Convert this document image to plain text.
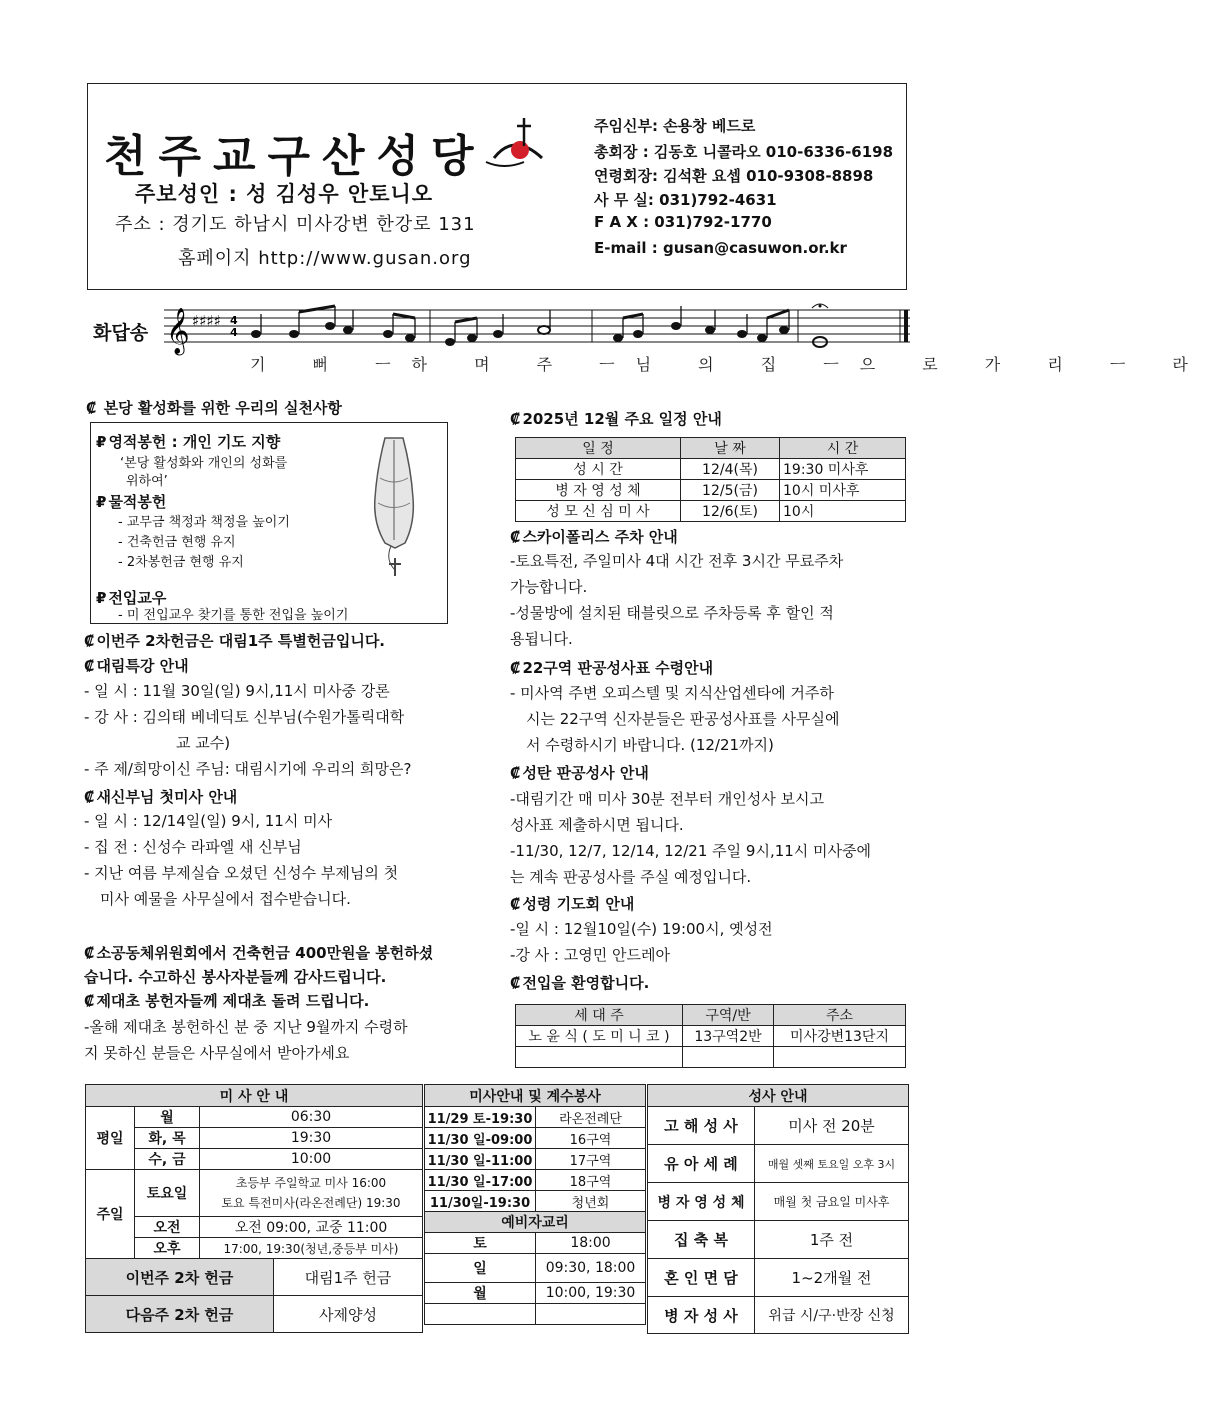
천주교구산성당
주보성인 : 성 김성우 안토니오
주소 : 경기도 하남시 미사강변 한강로 131
홈페이지 http://www.gusan.org
주임신부: 손용창 베드로
총회장 : 김동호 니콜라오 010-6336-6198
연령회장: 김석환 요셉 010-9308-8898
사 무 실: 031)792-4631
F A X : 031)792-1770
E-mail : gusan@casuwon.or.kr
화답송 𝄞 ♯♯♯♯ 4
4
기 뻐 ㅡ하 며 주 ㅡ님 의 집 ㅡ으 로 가 리 ㅡ 라
₡ 본당 활성화를 위한 우리의 실천사항
₽ 영적봉헌 : 개인 기도 지향
‘본당 활성화와 개인의 성화를
위하여’
₽ 물적봉헌
- 교무금 책정과 책정을 높이기
- 건축헌금 현행 유지
- 2차봉헌금 현행 유지
₽ 전입교우
- 미 전입교우 찾기를 통한 전입을 높이기
₡ 이번주 2차헌금은 대림1주 특별헌금입니다.
₡ 대림특강 안내
- 일 시 : 11월 30일(일) 9시,11시 미사중 강론
- 강 사 : 김의태 베네딕토 신부님(수원가톨릭대학
교 교수)
- 주 제/희망이신 주님: 대림시기에 우리의 희망은?
₡ 새신부님 첫미사 안내
- 일 시 : 12/14일(일) 9시, 11시 미사
- 집 전 : 신성수 라파엘 새 신부님
- 지난 여름 부제실습 오셨던 신성수 부제님의 첫
미사 예물을 사무실에서 접수받습니다.
₡ 소공동체위원회에서 건축헌금 400만원을 봉헌하셨
습니다. 수고하신 봉사자분들께 감사드립니다.
₡ 제대초 봉헌자들께 제대초 돌려 드립니다.
-올해 제대초 봉헌하신 분 중 지난 9월까지 수령하
지 못하신 분들은 사무실에서 받아가세요
₡ 2025년 12월 주요 일정 안내
일 정	날 짜	시 간
성 시 간	12/4(목)	19:30 미사후
병 자 영 성 체	12/5(금)	10시 미사후
성 모 신 심 미 사	12/6(토)	10시
₡ 스카이폴리스 주차 안내
-토요특전, 주일미사 4대 시간 전후 3시간 무료주차
가능합니다.
-성물방에 설치된 태블릿으로 주차등록 후 할인 적
용됩니다.
₡ 22구역 판공성사표 수령안내
- 미사역 주변 오피스텔 및 지식산업센타에 거주하
시는 22구역 신자분들은 판공성사표를 사무실에
서 수령하시기 바랍니다. (12/21까지)
₡ 성탄 판공성사 안내
-대림기간 매 미사 30분 전부터 개인성사 보시고
성사표 제출하시면 됩니다.
-11/30, 12/7, 12/14, 12/21 주일 9시,11시 미사중에
는 계속 판공성사를 주실 예정입니다.
₡ 성령 기도회 안내
-일 시 : 12월10일(수) 19:00시, 옛성전
-강 사 : 고영민 안드레아
₡ 전입을 환영합니다.
세 대 주	구역/반	주소
노 윤 식 ( 도 미 니 코 )	13구역2반	미사강변13단지

미 사 안 내			
평일	월	06:30	
	화, 목	19:30	
	수, 금	10:00	
주일	토요일	초등부 주일학교 미사 16:00
토요 특전미사(라온전례단) 19:30	

	오전	오전 09:00, 교중 11:00	
	오후	17:00, 19:30(청년,중등부 미사)	
이번주 2차 헌금			대림1주 헌금
다음주 2차 헌금			사제양성
미사안내 및 계수봉사	
11/29 토-19:30	라온전례단
11/30 일-09:00	16구역
11/30 일-11:00	17구역
11/30 일-17:00	18구역
11/30일-19:30	청년회
예비자교리	
토	18:00
일	09:30, 18:00
월	10:00, 19:30

성사 안내	
고 해 성 사	미사 전 20분
유 아 세 례	매월 셋째 토요일 오후 3시
병 자 영 성 체	매월 첫 금요일 미사후
집 축 복	1주 전
혼 인 면 담	1~2개월 전
병 자 성 사	위급 시/구·반장 신청
